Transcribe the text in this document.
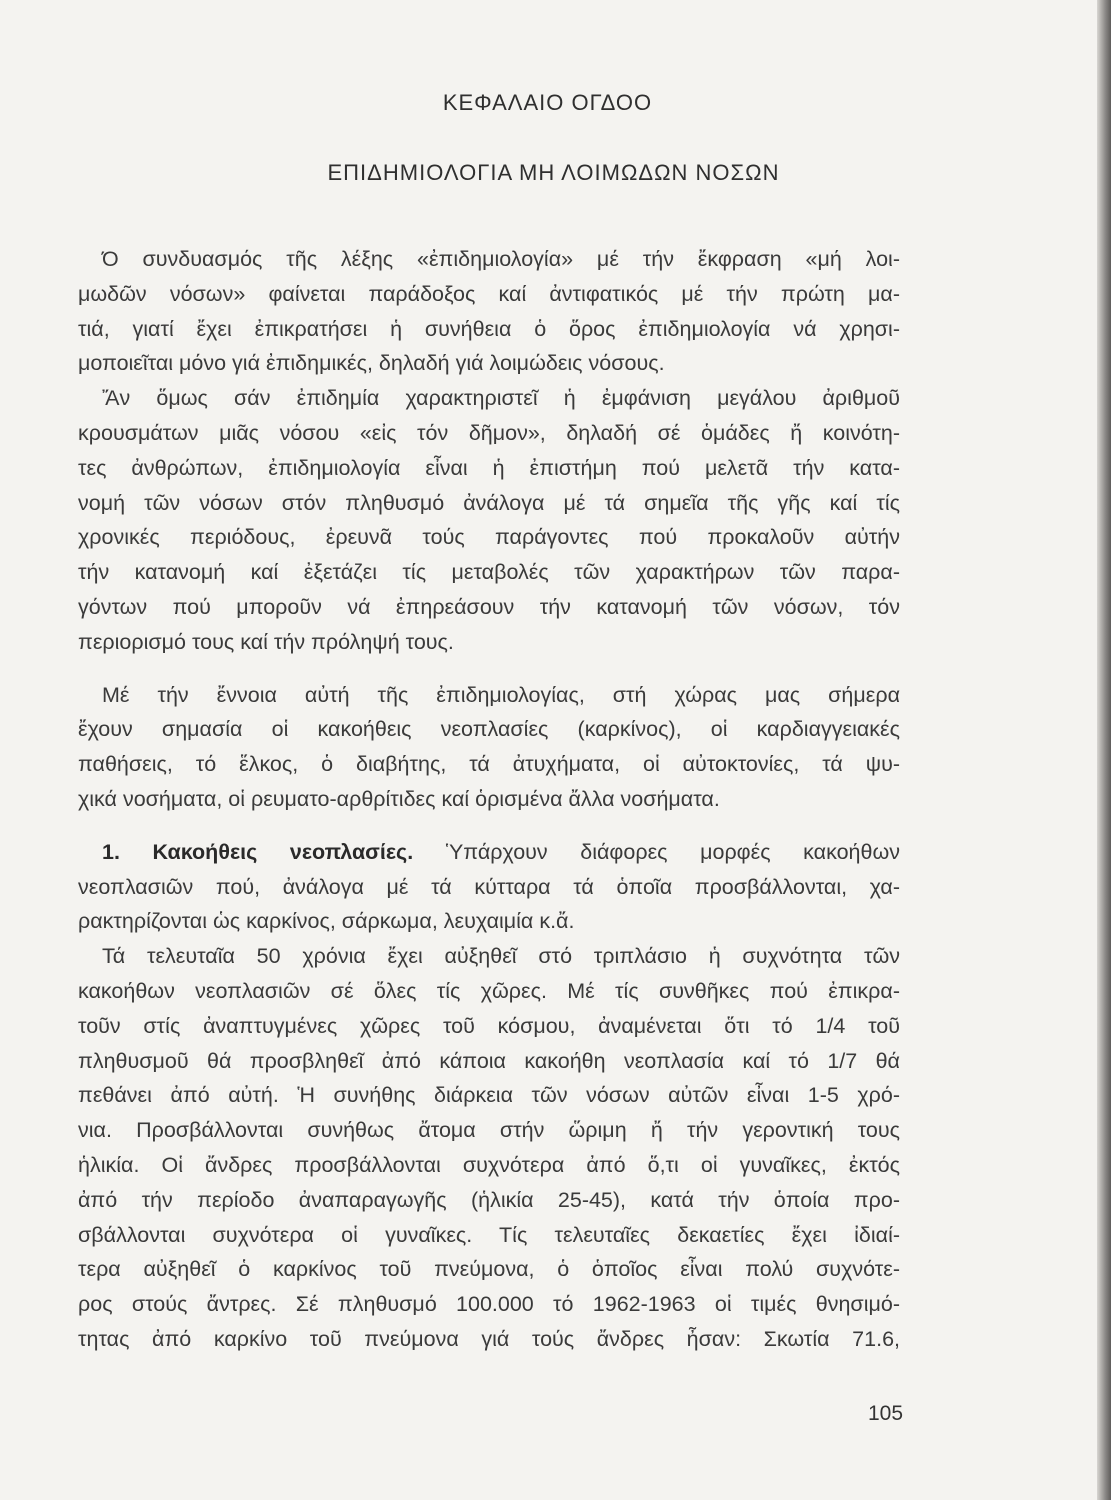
ΚΕΦΑΛΑΙΟ ΟΓΔΟΟ
ΕΠΙΔΗΜΙΟΛΟΓΙΑ ΜΗ ΛΟΙΜΩΔΩΝ ΝΟΣΩΝ
Ό συνδυασμός τῆς λέξης «ἐπιδημιολογία» μέ τήν ἔκφραση «μή λοι-
μωδῶν νόσων» φαίνεται παράδοξος καί ἀντιφατικός μέ τήν πρώτη μα-
τιά, γιατί ἔχει ἐπικρατήσει ἡ συνήθεια ὁ ὅρος ἐπιδημιολογία νά χρησι-
μοποιεῖται μόνο γιά ἐπιδημικές, δηλαδή γιά λοιμώδεις νόσους.
Ἄν ὅμως σάν ἐπιδημία χαρακτηριστεῖ ἡ ἐμφάνιση μεγάλου ἀριθμοῦ
κρουσμάτων μιᾶς νόσου «εἰς τόν δῆμον», δηλαδή σέ ὁμάδες ἤ κοινότη-
τες ἀνθρώπων, ἐπιδημιολογία εἶναι ἡ ἐπιστήμη πού μελετᾶ τήν κατα-
νομή τῶν νόσων στόν πληθυσμό ἀνάλογα μέ τά σημεῖα τῆς γῆς καί τίς
χρονικές περιόδους, ἐρευνᾶ τούς παράγοντες πού προκαλοῦν αὐτήν
τήν κατανομή καί ἐξετάζει τίς μεταβολές τῶν χαρακτήρων τῶν παρα-
γόντων πού μποροῦν νά ἐπηρεάσουν τήν κατανομή τῶν νόσων, τόν
περιορισμό τους καί τήν πρόληψή τους.
Μέ τήν ἔννοια αὐτή τῆς ἐπιδημιολογίας, στή χώρας μας σήμερα
ἔχουν σημασία οἱ κακοήθεις νεοπλασίες (καρκίνος), οἱ καρδιαγγειακές
παθήσεις, τό ἕλκος, ὁ διαβήτης, τά ἀτυχήματα, οἱ αὐτοκτονίες, τά ψυ-
χικά νοσήματα, οἱ ρευματο-αρθρίτιδες καί ὁρισμένα ἄλλα νοσήματα.
1. Κακοήθεις νεοπλασίες. Ὑπάρχουν διάφορες μορφές κακοήθων
νεοπλασιῶν πού, ἀνάλογα μέ τά κύτταρα τά ὁποῖα προσβάλλονται, χα-
ρακτηρίζονται ὡς καρκίνος, σάρκωμα, λευχαιμία κ.ἄ.
Τά τελευταῖα 50 χρόνια ἔχει αὐξηθεῖ στό τριπλάσιο ἡ συχνότητα τῶν
κακοήθων νεοπλασιῶν σέ ὅλες τίς χῶρες. Μέ τίς συνθῆκες πού ἐπικρα-
τοῦν στίς ἀναπτυγμένες χῶρες τοῦ κόσμου, ἀναμένεται ὅτι τό 1/4 τοῦ
πληθυσμοῦ θά προσβληθεῖ ἀπό κάποια κακοήθη νεοπλασία καί τό 1/7 θά
πεθάνει ἀπό αὐτή. Ἡ συνήθης διάρκεια τῶν νόσων αὐτῶν εἶναι 1-5 χρό-
νια. Προσβάλλονται συνήθως ἄτομα στήν ὥριμη ἤ τήν γεροντική τους
ἡλικία. Οἱ ἄνδρες προσβάλλονται συχνότερα ἀπό ὅ,τι οἱ γυναῖκες, ἐκτός
ἀπό τήν περίοδο ἀναπαραγωγῆς (ἡλικία 25-45), κατά τήν ὁποία προ-
σβάλλονται συχνότερα οἱ γυναῖκες. Τίς τελευταῖες δεκαετίες ἔχει ἰδιαί-
τερα αὐξηθεῖ ὁ καρκίνος τοῦ πνεύμονα, ὁ ὁποῖος εἶναι πολύ συχνότε-
ρος στούς ἄντρες. Σέ πληθυσμό 100.000 τό 1962-1963 οἱ τιμές θνησιμό-
τητας ἀπό καρκίνο τοῦ πνεύμονα γιά τούς ἄνδρες ἦσαν: Σκωτία 71.6,
105
